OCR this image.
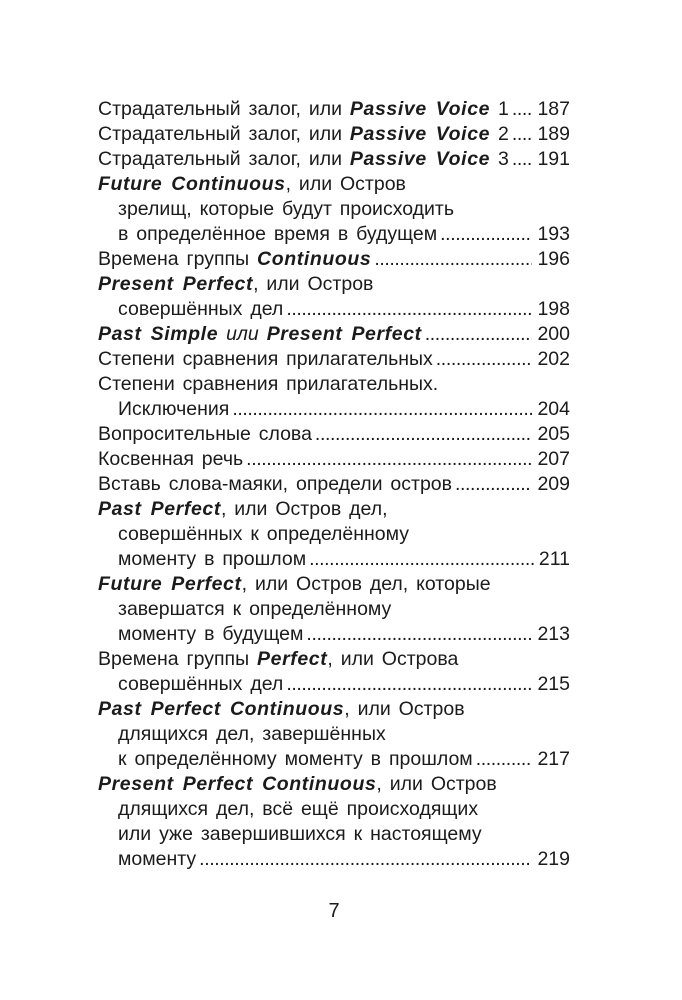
Страдательный залог, или Passive Voice 1 ..... 187
Страдательный залог, или Passive Voice 2 ..... 189
Страдательный залог, или Passive Voice 3 ..... 191
Future Continuous, или Остров
зрелищ, которые будут происходить
в определённое время в будущем .....	193
Времена группы Continuous .....	196
Present Perfect, или Остров
совершённых дел .....	198
Past Simple или Present Perfect .....	200
Степени сравнения прилагательных .....	202
Степени сравнения прилагательных.
Исключения .....	204
Вопросительные слова .....	205
Косвенная речь .....	207
Вставь слова-маяки, определи остров .....	209
Past Perfect, или Остров дел,
совершённых к определённому
моменту в прошлом .....	211
Future Perfect, или Остров дел, которые
завершатся к определённому
моменту в будущем .....	213
Времена группы Perfect, или Острова
совершённых дел .....	215
Past Perfect Continuous, или Остров
длящихся дел, завершённых
к определённому моменту в прошлом .....	217
Present Perfect Continuous, или Остров
длящихся дел, всё ещё происходящих
или уже завершившихся к настоящему
моменту .....	219
7
